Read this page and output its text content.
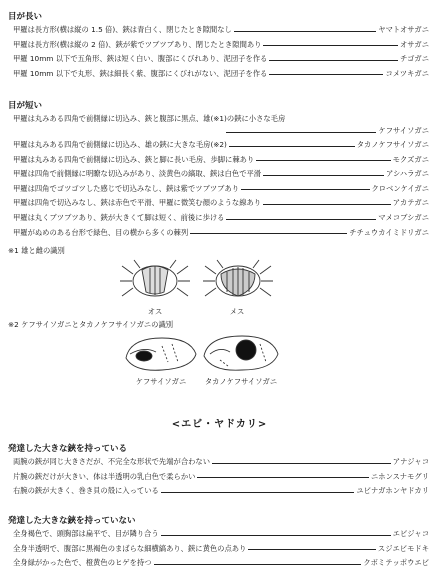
目が長い
甲羅は長方形(横は縦の 1.5 倍)、鋏は青白く、閉じたとき隙間なし	ヤマトオサガニ
甲羅は長方形(横は縦の 2 倍)、鋏が紫でツブツブあり、閉じたとき隙間あり	オサガニ
甲羅 10mm 以下で五角形、鋏は短く白い、腹部にくびれあり、泥団子を作る	チゴガニ
甲羅 10mm 以下で丸形、鋏は細長く紫、腹部にくびれがない、泥団子を作る	コメツキガニ
目が短い
甲羅は丸みある四角で前側縁に切込み、鋏と腹部に黒点、雄(※1)の鋏に小さな毛房
ケフサイソガニ
甲羅は丸みある四角で前側縁に切込み、雄の鋏に大きな毛房(※2)	タカノケフサイソガニ
甲羅は丸みある四角で前側縁に切込み、鋏と脚に長い毛房、歩脚に棘あり	モクズガニ
甲羅は四角で前側縁に明瞭な切込みがあり、淡黄色の縞取、鋏は白色で平滑	アシハラガニ
甲羅は四角でゴツゴツした感じで切込みなし、鋏は紫でツブツブあり	クロベンケイガニ
甲羅は四角で切込みなし、鋏は赤色で平滑、甲羅に微笑む顔のような線あり	アカテガニ
甲羅は丸くブツブツあり、鋏が大きくて脚は短く、前後に歩ける	マメコブシガニ
甲羅がぬめのある台形で緑色、目の横から多くの棘列	チチュウカイミドリガニ
※1 雄と雌の識別
オス	メス
※2 ケフサイソガニとタカノケフサイソガニの識別
ケフサイソガニ	タカノケフサイソガニ
<エビ・ヤドカリ>
発達した大きな鋏を持っている
両腕の鋏が同じ大きさだが、不完全な形状で先端が合わない	アナジャコ
片腕の鋏だけが大きい、体は半透明の乳白色で柔らかい	ニホンスナモグリ
右腕の鋏が大きく、巻き貝の殻に入っている	ユビナガホンヤドカリ
発達した大きな鋏を持っていない
全身褐色で、頭胸部は扁平で、目が隣り合う	エビジャコ
全身半透明で、腹部に黒褐色のまばらな細横縞あり、鋏に黄色の点あり	スジエビモドキ
全身緑がかった色で、橙黄色のヒゲを持つ	クボミテッポウエビ
